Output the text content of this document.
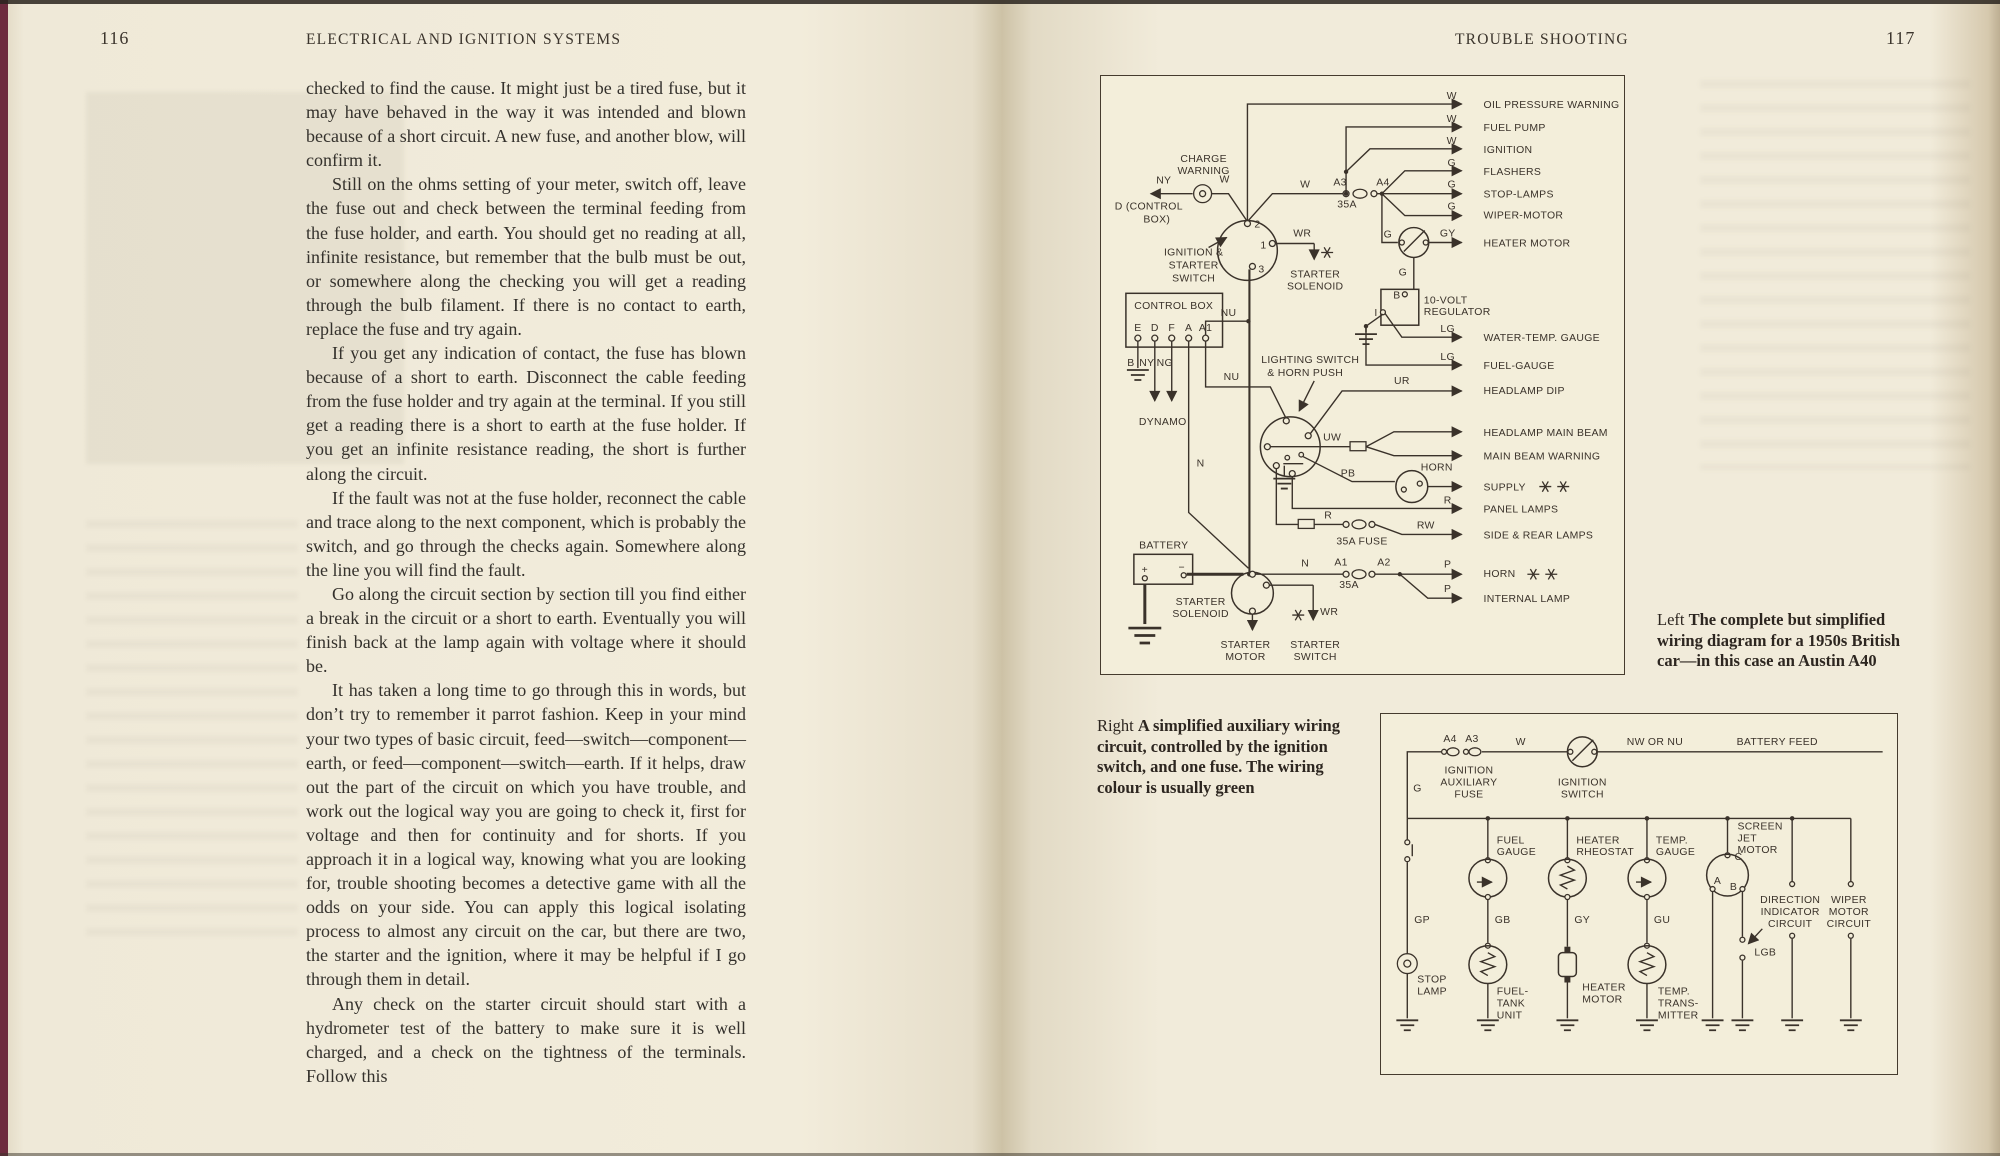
116	ELECTRICAL AND IGNITION SYSTEMS

checked to find the cause. It might just be a tired fuse, but it may have behaved in the way it was intended and blown because of a short circuit. A new fuse, and another blow, will confirm it.

Still on the ohms setting of your meter, switch off, leave the fuse out and check between the terminal feeding from the fuse holder, and earth. You should get no reading at all, infinite resistance, but remember that the bulb must be out, or somewhere along the checking you will get a reading through the bulb filament. If there is no contact to earth, replace the fuse and try again.

If you get any indication of contact, the fuse has blown because of a short to earth. Disconnect the cable feeding from the fuse holder and try again at the terminal. If you still get a reading there is a short to earth at the fuse holder. If you get an infinite resistance reading, the short is further along the circuit.

If the fault was not at the fuse holder, reconnect the cable and trace along to the next component, which is probably the switch, and go through the checks again. Somewhere along the line you will find the fault.

Go along the circuit section by section till you find either a break in the circuit or a short to earth. Eventually you will finish back at the lamp again with voltage where it should be.

It has taken a long time to go through this in words, but don’t try to remember it parrot fashion. Keep in your mind your two types of basic circuit, feed—switch—component—earth, or feed—component—switch—earth. If it helps, draw out the part of the circuit on which you have trouble, and work out the logical way you are going to check it, first for voltage and then for continuity and for shorts. If you approach it in a logical way, knowing what you are looking for, trouble shooting becomes a detective game with all the odds on your side. You can apply this logical isolating process to almost any circuit on the car, but there are two, the starter and the ignition, where it may be helpful if I go through them in detail.

Any check on the starter circuit should start with a hydrometer test of the battery to make sure it is well charged, and a check on the tightness of the terminals. Follow this

TROUBLE SHOOTING	117
OIL PRESSURE WARNING
FUEL PUMP
IGNITION
FLASHERS
STOP-LAMPS
WIPER-MOTOR
HEATER MOTOR
WATER-TEMP. GAUGE
FUEL-GAUGE
HEADLAMP DIP
HEADLAMP MAIN BEAM
MAIN BEAM WARNING
SUPPLY
PANEL LAMPS
SIDE & REAR LAMPS
HORN
INTERNAL LAMP
W
W
W
G
G
G
W
G	GY
G
LG
LG
UR
UW
PB
HORN
R
R
RW
35A FUSE
N
N	P
P
A3	A4
35A
A1	A2
35A
NU
NU
NY	W
CHARGE
WARNING
D (CONTROL
BOX)
IGNITION &
STARTER
SWITCH
2
1
3
WR
STARTER
SOLENOID
CONTROL BOX
E D F A A1
B NY NG
DYNAMO
LIGHTING SWITCH
& HORN PUSH
10-VOLT
REGULATOR
B
I
BATTERY
+	−
STARTER
SOLENOID
STARTER
MOTOR
WR
STARTER
SWITCH
Left The complete but simplified wiring diagram for a 1950s British car—in this case an Austin A40
Right A simplified auxiliary wiring circuit, controlled by the ignition switch, and one fuse. The wiring colour is usually green
A4 A3
IGNITION
AUXILIARY
FUSE
W
IGNITION
SWITCH
NW OR NU	BATTERY FEED
G
GP
STOP
LAMP
FUEL
GAUGE
GB
FUEL-
TANK
UNIT
HEATER
RHEOSTAT
GY
HEATER
MOTOR
TEMP.
GAUGE
GU
TEMP.
TRANS-
MITTER
SCREEN
JET
MOTOR
A
C
B
LGB
DIRECTION
INDICATOR
CIRCUIT
WIPER
MOTOR
CIRCUIT
